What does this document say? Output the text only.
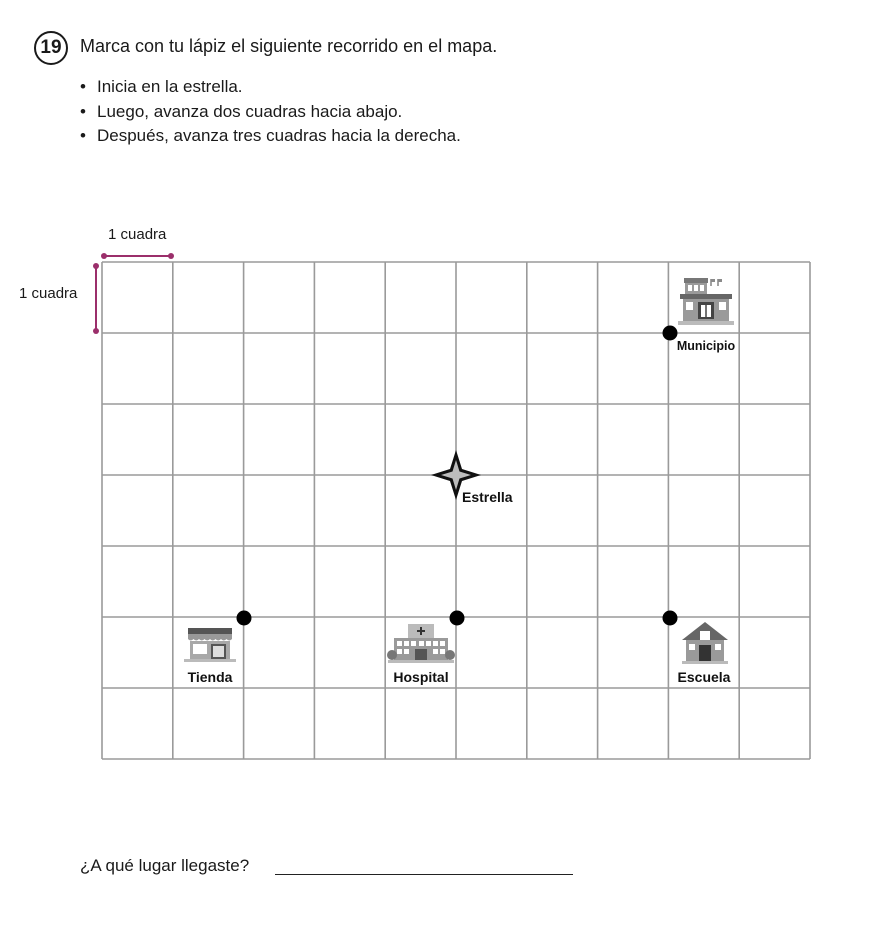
19	Marca con tu lápiz el siguiente recorrido en el mapa.
• Inicia en la estrella.
• Luego, avanza dos cuadras hacia abajo.
• Después, avanza tres cuadras hacia la derecha.
1 cuadra
1 cuadra
Estrella
Municipio
Tienda	Hospital	Escuela
¿A qué lugar llegaste?
